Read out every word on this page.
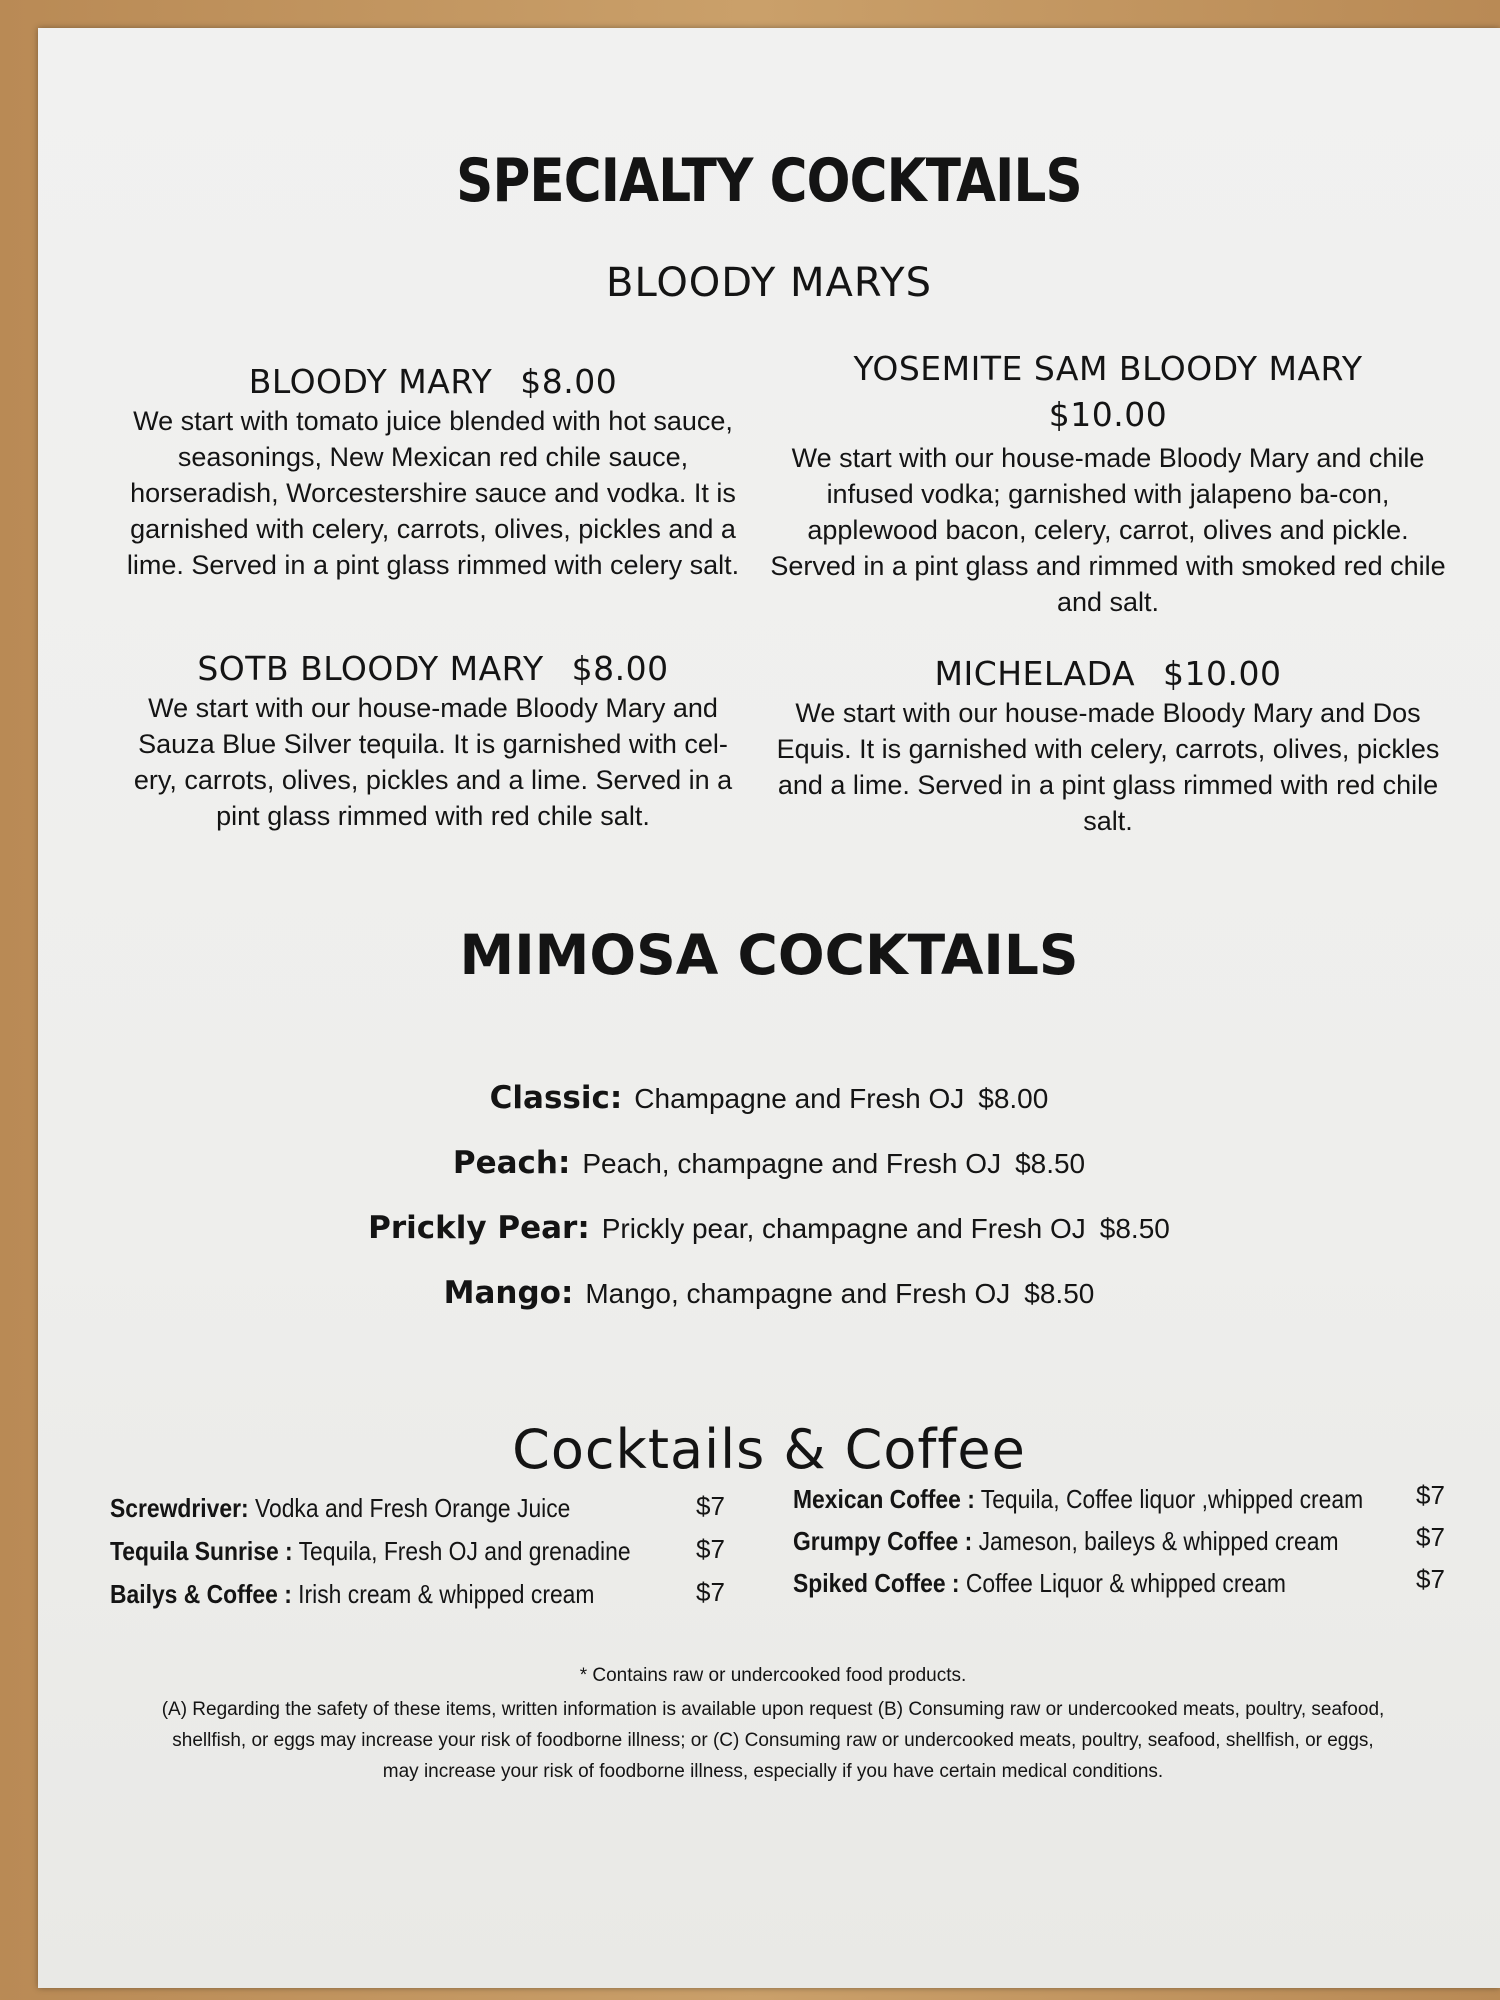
SPECIALTY COCKTAILS
BLOODY MARYS
BLOODY MARY $8.00
We start with tomato juice blended with hot sauce, seasonings, New Mexican red chile sauce, horseradish, Worcestershire sauce and vodka. It is garnished with celery, carrots, olives, pickles and a lime. Served in a pint glass rimmed with celery salt.
YOSEMITE SAM BLOODY MARY
$10.00
We start with our house-made Bloody Mary and chile infused vodka; garnished with jalapeno ba-con, applewood bacon, celery, carrot, olives and pickle. Served in a pint glass and rimmed with smoked red chile and salt.
SOTB BLOODY MARY $8.00
We start with our house-made Bloody Mary and Sauza Blue Silver tequila. It is garnished with cel-ery, carrots, olives, pickles and a lime. Served in a pint glass rimmed with red chile salt.
MICHELADA $10.00
We start with our house-made Bloody Mary and Dos Equis. It is garnished with celery, carrots, olives, pickles and a lime. Served in a pint glass rimmed with red chile salt.
MIMOSA COCKTAILS
Classic: Champagne and Fresh OJ $8.00
Peach: Peach, champagne and Fresh OJ $8.50
Prickly Pear: Prickly pear, champagne and Fresh OJ $8.50
Mango: Mango, champagne and Fresh OJ $8.50
Cocktails & Coffee
Screwdriver: Vodka and Fresh Orange Juice	$7
Tequila Sunrise : Tequila, Fresh OJ and grenadine	$7
Bailys & Coffee : Irish cream & whipped cream	$7
Mexican Coffee : Tequila, Coffee liquor ,whipped cream $7
Grumpy Coffee : Jameson, baileys & whipped cream	$7
Spiked Coffee : Coffee Liquor & whipped cream	$7
* Contains raw or undercooked food products.
(A) Regarding the safety of these items, written information is available upon request (B) Consuming raw or undercooked meats, poultry, seafood,
shellfish, or eggs may increase your risk of foodborne illness; or (C) Consuming raw or undercooked meats, poultry, seafood, shellfish, or eggs,
may increase your risk of foodborne illness, especially if you have certain medical conditions.
